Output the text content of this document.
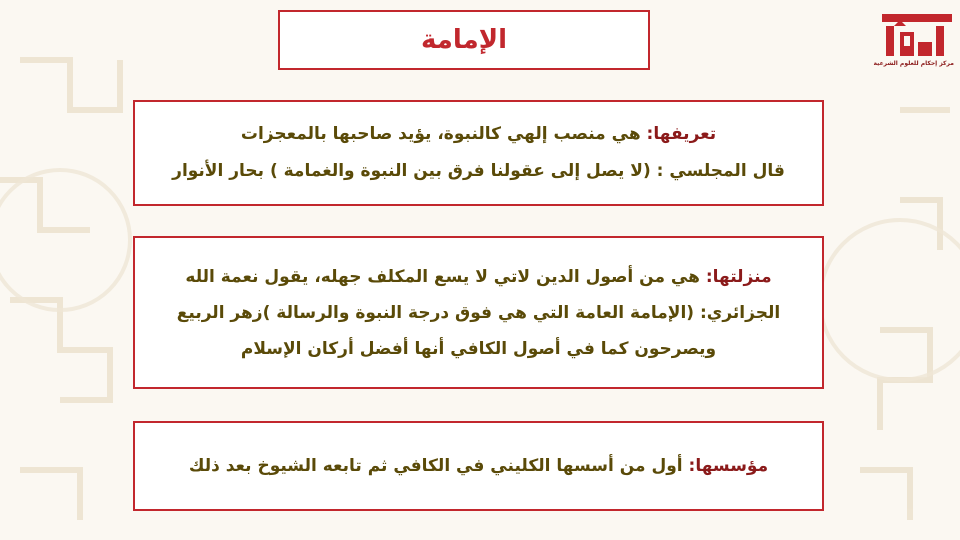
الإمامة

تعريفها: هي منصب إلهي كالنبوة، يؤيد صاحبها بالمعجزات

قال المجلسي : (لا يصل إلى عقولنا فرق بين النبوة والغمامة ) بحار الأنوار

منزلتها: هي من أصول الدين لاتي لا يسع المكلف جهله، يقول نعمة الله

الجزائري: (الإمامة العامة التي هي فوق درجة النبوة والرسالة )زهر الربيع

ويصرحون كما في أصول الكافي أنها أفضل أركان الإسلام

مؤسسها: أول من أسسها الكليني في الكافي ثم تابعه الشيوخ بعد ذلك

مركز إحكام للعلوم الشرعية
